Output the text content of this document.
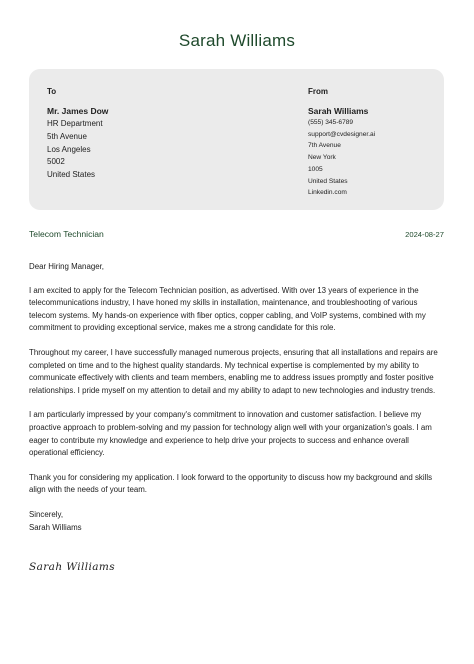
Sarah Williams
To
Mr. James Dow
HR Department
5th Avenue
Los Angeles
5002
United States
From
Sarah Williams
(555) 345-6789
support@cvdesigner.ai
7th Avenue
New York
1005
United States
Linkedin.com
Telecom Technician	2024-08-27

Dear Hiring Manager,

I am excited to apply for the Telecom Technician position, as advertised. With over 13 years of experience in the telecommunications industry, I have honed my skills in installation, maintenance, and troubleshooting of various telecom systems. My hands-on experience with fiber optics, copper cabling, and VoIP systems, combined with my commitment to providing exceptional service, makes me a strong candidate for this role.

Throughout my career, I have successfully managed numerous projects, ensuring that all installations and repairs are completed on time and to the highest quality standards. My technical expertise is complemented by my ability to communicate effectively with clients and team members, enabling me to address issues promptly and foster positive relationships. I pride myself on my attention to detail and my ability to adapt to new technologies and industry trends.

I am particularly impressed by your company's commitment to innovation and customer satisfaction. I believe my proactive approach to problem-solving and my passion for technology align well with your organization's goals. I am eager to contribute my knowledge and experience to help drive your projects to success and enhance overall operational efficiency.

Thank you for considering my application. I look forward to the opportunity to discuss how my background and skills align with the needs of your team.

Sincerely,
Sarah Williams
Sarah Williams
